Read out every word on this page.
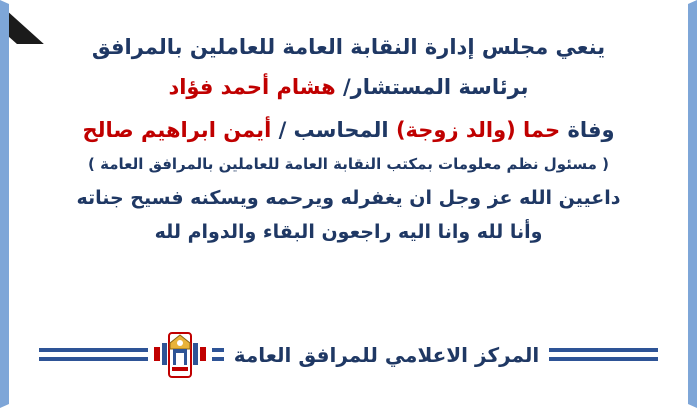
ينعي مجلس إدارة النقابة العامة للعاملين بالمرافق
برئاسة المستشار/ هشام أحمد فؤاد
وفاة حما (والد زوجة) المحاسب / أيمن ابراهيم صالح
( مسئول نظم معلومات بمكتب النقابة العامة للعاملين بالمرافق العامة )
داعيين الله عز وجل ان يغفرله ويرحمه ويسكنه فسيح جناته
وأنا لله وانا اليه راجعون البقاء والدوام لله
المركز الاعلامي للمرافق العامة
